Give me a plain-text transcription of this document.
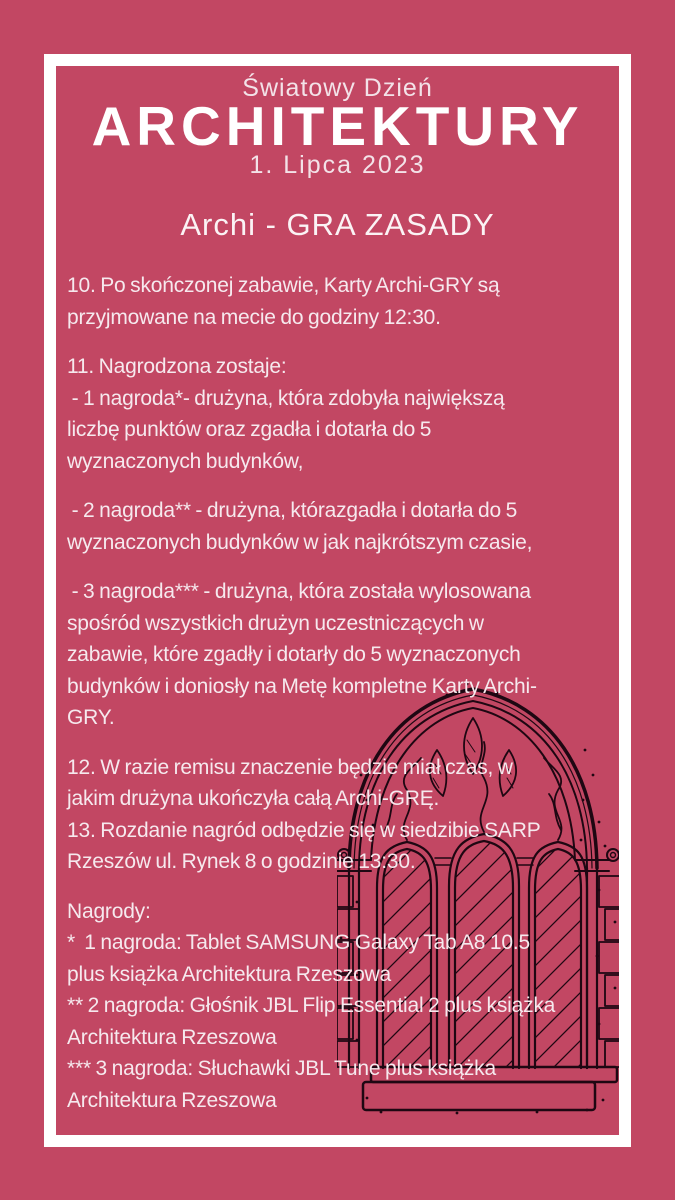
Światowy Dzień
ARCHITEKTURY
1. Lipca 2023
Archi - GRA ZASADY

10. Po skończonej zabawie, Karty Archi-GRY są
przyjmowane na mecie do godziny 12:30.

11. Nagrodzona zostaje:
- 1 nagroda*- drużyna, która zdobyła największą
liczbę punktów oraz zgadła i dotarła do 5
wyznaczonych budynków,

- 2 nagroda** - drużyna, którazgadła i dotarła do 5
wyznaczonych budynków w jak najkrótszym czasie,

- 3 nagroda*** - drużyna, która została wylosowana
spośród wszystkich drużyn uczestniczących w
zabawie, które zgadły i dotarły do 5 wyznaczonych
budynków i doniosły na Metę kompletne Karty Archi-
GRY.

12. W razie remisu znaczenie będzie miał czas, w
jakim drużyna ukończyła całą Archi-GRĘ.
13. Rozdanie nagród odbędzie się w siedzibie SARP
Rzeszów ul. Rynek 8 o godzinie 13:30.

Nagrody:
*  1 nagroda: Tablet SAMSUNG Galaxy Tab A8 10.5
plus książka Architektura Rzeszowa
** 2 nagroda: Głośnik JBL Flip Essential 2 plus książka
Architektura Rzeszowa
*** 3 nagroda: Słuchawki JBL Tune plus książka
Architektura Rzeszowa
